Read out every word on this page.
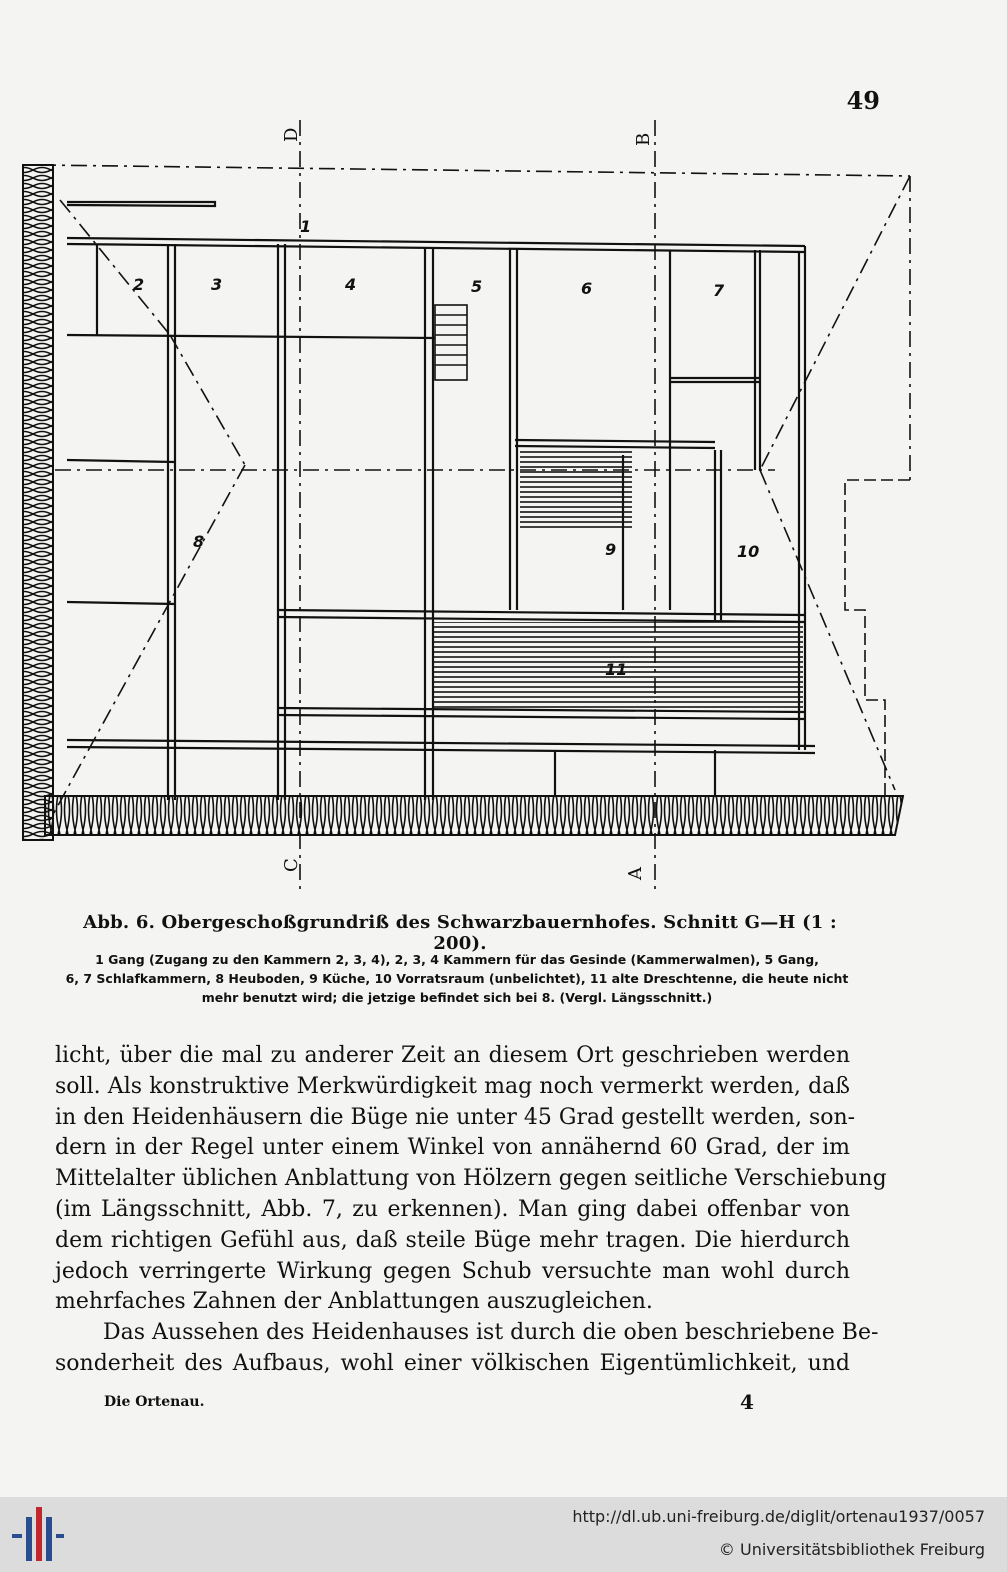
49
1
2	3	4	5	6	7
8	9	10
11
D	B
C
A
Abb. 6. Obergeschoßgrundriß des Schwarzbauernhofes. Schnitt G—H (1 : 200).

1 Gang (Zugang zu den Kammern 2, 3, 4), 2, 3, 4 Kammern für das Gesinde (Kammerwalmen), 5 Gang,

6, 7 Schlafkammern, 8 Heuboden, 9 Küche, 10 Vorratsraum (unbelichtet), 11 alte Dreschtenne, die heute nicht

mehr benutzt wird; die jetzige befindet sich bei 8. (Vergl. Längsschnitt.)

licht, über die mal zu anderer Zeit an diesem Ort geschrieben werden
soll. Als konstruktive Merkwürdigkeit mag noch vermerkt werden, daß
in den Heidenhäusern die Büge nie unter 45 Grad gestellt werden, son-
dern in der Regel unter einem Winkel von annähernd 60 Grad, der im
Mittelalter üblichen Anblattung von Hölzern gegen seitliche Verschiebung
(im Längsschnitt, Abb. 7, zu erkennen). Man ging dabei offenbar von
dem richtigen Gefühl aus, daß steile Büge mehr tragen. Die hierdurch
jedoch verringerte Wirkung gegen Schub versuchte man wohl durch
mehrfaches Zahnen der Anblattungen auszugleichen.
Das Aussehen des Heidenhauses ist durch die oben beschriebene Be-
sonderheit des Aufbaus, wohl einer völkischen Eigentümlichkeit, und
Die Ortenau.	4
http://dl.ub.uni-freiburg.de/diglit/ortenau1937/0057
© Universitätsbibliothek Freiburg
